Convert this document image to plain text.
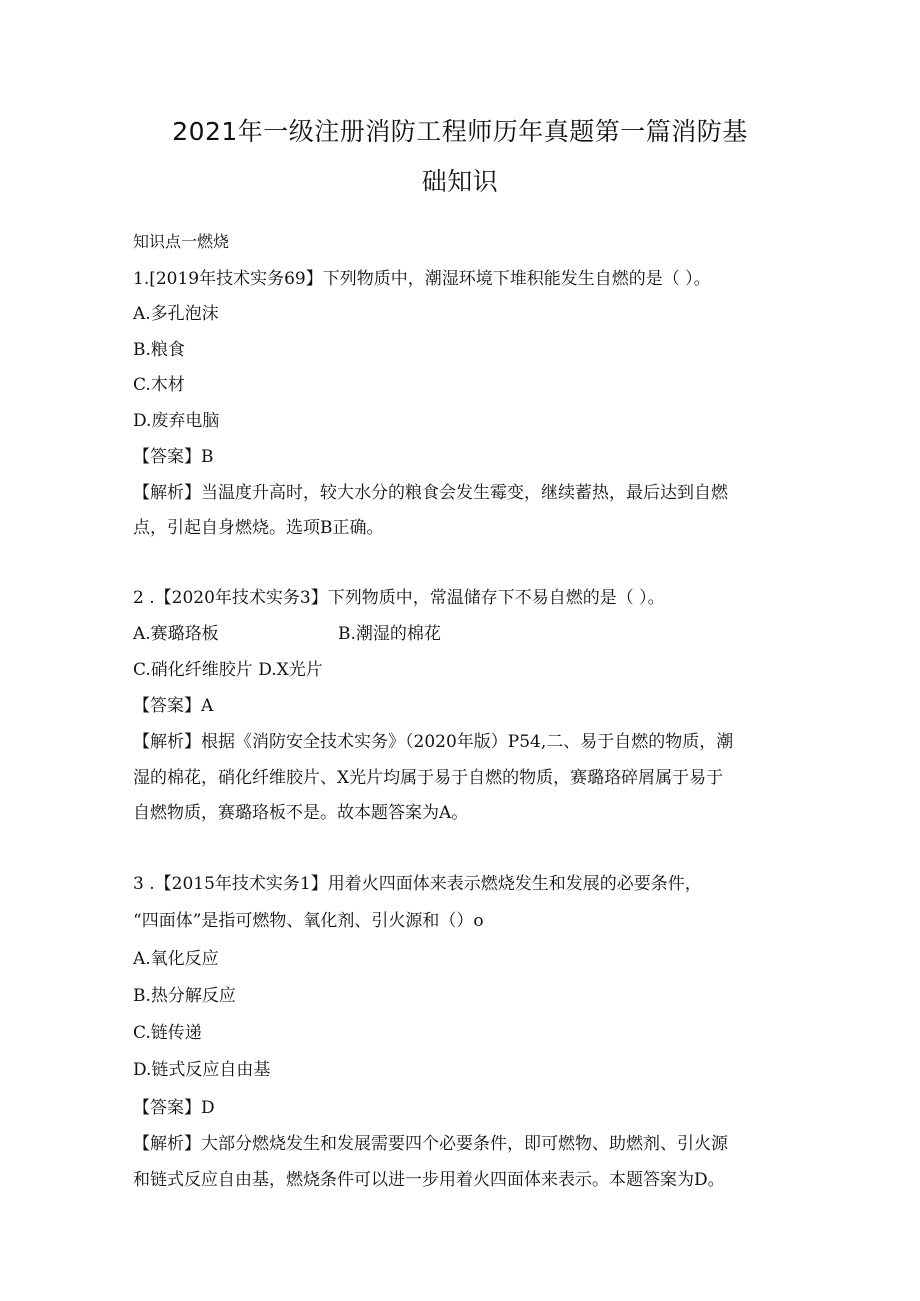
2021年一级注册消防工程师历年真题第一篇消防基
础知识
知识点一燃烧
1.[2019年技术实务69】下列物质中，潮湿环境下堆积能发生自燃的是（ ）。
A.多孔泡沫
B.粮食
C.木材
D.废弃电脑
【答案】B
【解析】当温度升高时，较大水分的粮食会发生霉变，继续蓄热，最后达到自燃
点，引起自身燃烧。选项B正确。
2 .【2020年技术实务3】下列物质中，常温储存下不易自燃的是（ ）。
A.赛璐珞板	B.潮湿的棉花
C.硝化纤维胶片 D.X光片
【答案】A
【解析】根据《消防安全技术实务》（2020年版）P54,二、易于自燃的物质，潮
湿的棉花，硝化纤维胶片、X光片均属于易于自燃的物质，赛璐珞碎屑属于易于
自燃物质，赛璐珞板不是。故本题答案为A。
3 .【2015年技术实务1】用着火四面体来表示燃烧发生和发展的必要条件，
“四面体”是指可燃物、氧化剂、引火源和（）o
A.氧化反应
B.热分解反应
C.链传递
D.链式反应自由基
【答案】D
【解析】大部分燃烧发生和发展需要四个必要条件，即可燃物、助燃剂、引火源
和链式反应自由基，燃烧条件可以进一步用着火四面体来表示。本题答案为D。
